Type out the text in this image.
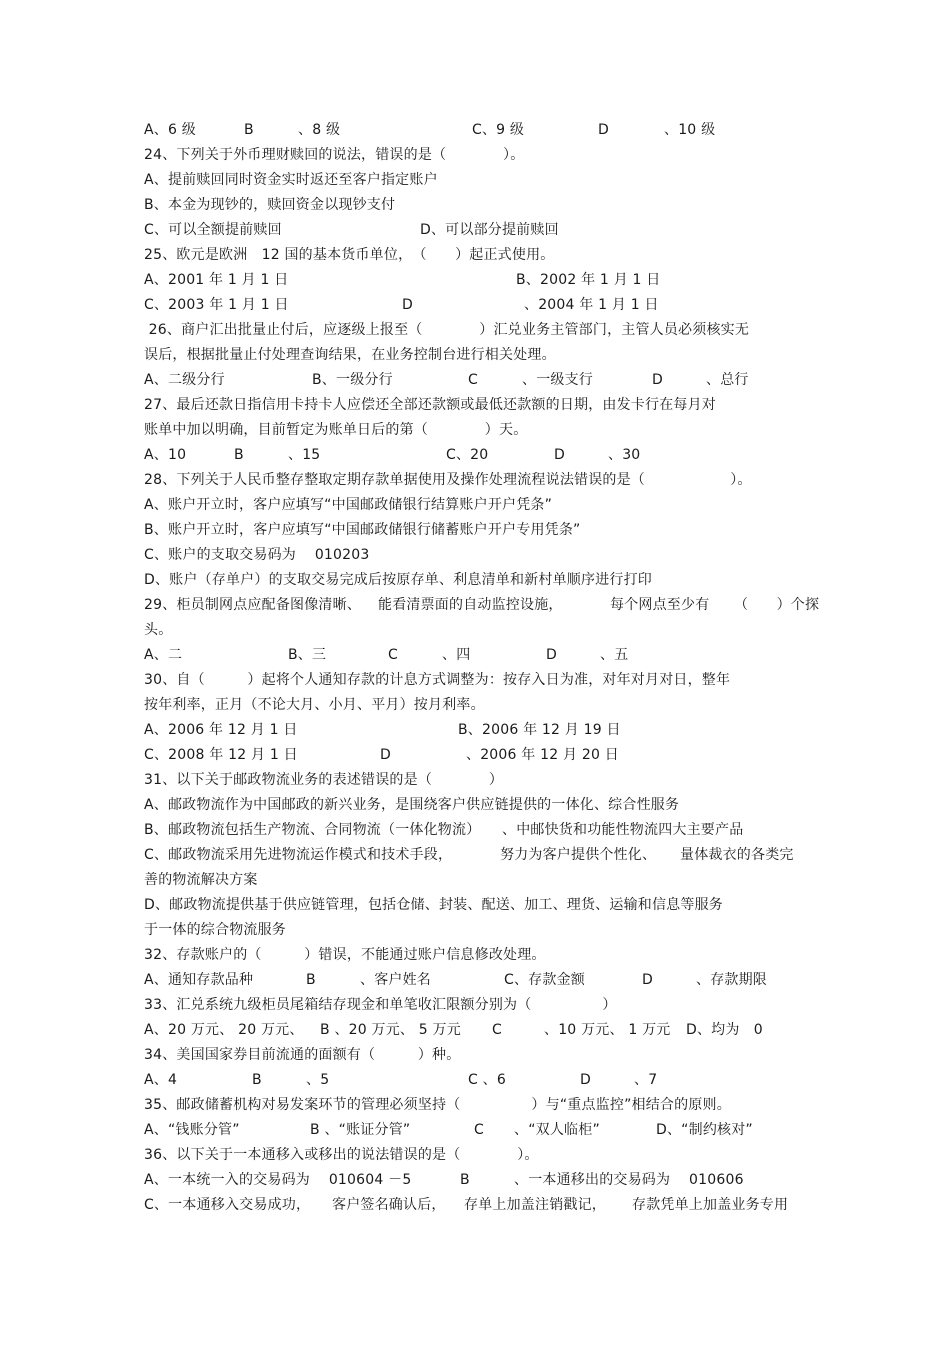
A、6 级	B	、8 级	C、9 级	D	、10 级
24、下列关于外币理财赎回的说法，错误的是（　　　　）。
A、提前赎回同时资金实时返还至客户指定账户
B、本金为现钞的，赎回资金以现钞支付
C、可以全额提前赎回	D、可以部分提前赎回
25、欧元是欧洲　12 国的基本货币单位，　（　　）起正式使用。
A、2001 年 1 月 1 日	B、2002 年 1 月 1 日
C、2003 年 1 月 1 日	D	、2004 年 1 月 1 日
26、商户汇出批量止付后，应逐级上报至（　　　　）汇兑业务主管部门，主管人员必须核实无
误后，根据批量止付处理查询结果，在业务控制台进行相关处理。
A、二级分行	B、一级分行	C	、一级支行	D	、总行
27、最后还款日指信用卡持卡人应偿还全部还款额或最低还款额的日期，由发卡行在每月对
账单中加以明确，目前暂定为账单日后的第（　　　　）天。
A、10	B	、15	C、20	D	、30
28、下列关于人民币整存整取定期存款单据使用及操作处理流程说法错误的是（　　　　　　）。
A、账户开立时，客户应填写“中国邮政储银行结算账户开户凭条”
B、账户开立时，客户应填写“中国邮政储银行储蓄账户开户专用凭条”
C、账户的支取交易码为　 010203
D、账户（存单户）的支取交易完成后按原存单、利息清单和新村单顺序进行打印
29、柜员制网点应配备图像清晰、 能看清票面的自动监控设施，	每个网点至少有 （　　）个探
头。
A、二	B、三	C	、四	D	、五
30、自（　　　）起将个人通知存款的计息方式调整为：按存入日为准，对年对月对日，整年
按年利率，正月（不论大月、小月、平月）按月利率。
A、2006 年 12 月 1 日	B、2006 年 12 月 19 日
C、2008 年 12 月 1 日	D	、2006 年 12 月 20 日
31、以下关于邮政物流业务的表述错误的是（　　　　）
A、邮政物流作为中国邮政的新兴业务，是围绕客户供应链提供的一体化、综合性服务
B、邮政物流包括生产物流、合同物流（一体化物流） 、中邮快货和功能性物流四大主要产品
C、邮政物流采用先进物流运作模式和技术手段，	努力为客户提供个性化、 量体裁衣的各类完
善的物流解决方案
D、邮政物流提供基于供应链管理，包括仓储、封装、配送、加工、理货、运输和信息等服务
于一体的综合物流服务
32、存款账户的（　　　）错误，不能通过账户信息修改处理。
A、通知存款品种	B	、客户姓名	C、存款金额	D	、存款期限
33、汇兑系统九级柜员尾箱结存现金和单笔收汇限额分别为（　　　　　）
A、20 万元、 20 万元、 B 、20 万元、 5 万元 C	、10 万元、 1 万元 D、均为　0
34、美国国家券目前流通的面额有（　　　）种。
A、4	B	、5	C 、6	D	、7
35、邮政储蓄机构对易发案环节的管理必须坚持（　　　　　）与“重点监控”相结合的原则。
A、“钱账分管”	B 、“账证分管”	C 、“双人临柜”	D、“制约核对”
36、以下关于一本通移入或移出的说法错误的是（　　　　）。
A、一本统一入的交易码为　 010604 －5	B	、一本通移出的交易码为　 010606
C、一本通移入交易成功， 客户签名确认后， 存单上加盖注销戳记， 存款凭单上加盖业务专用
